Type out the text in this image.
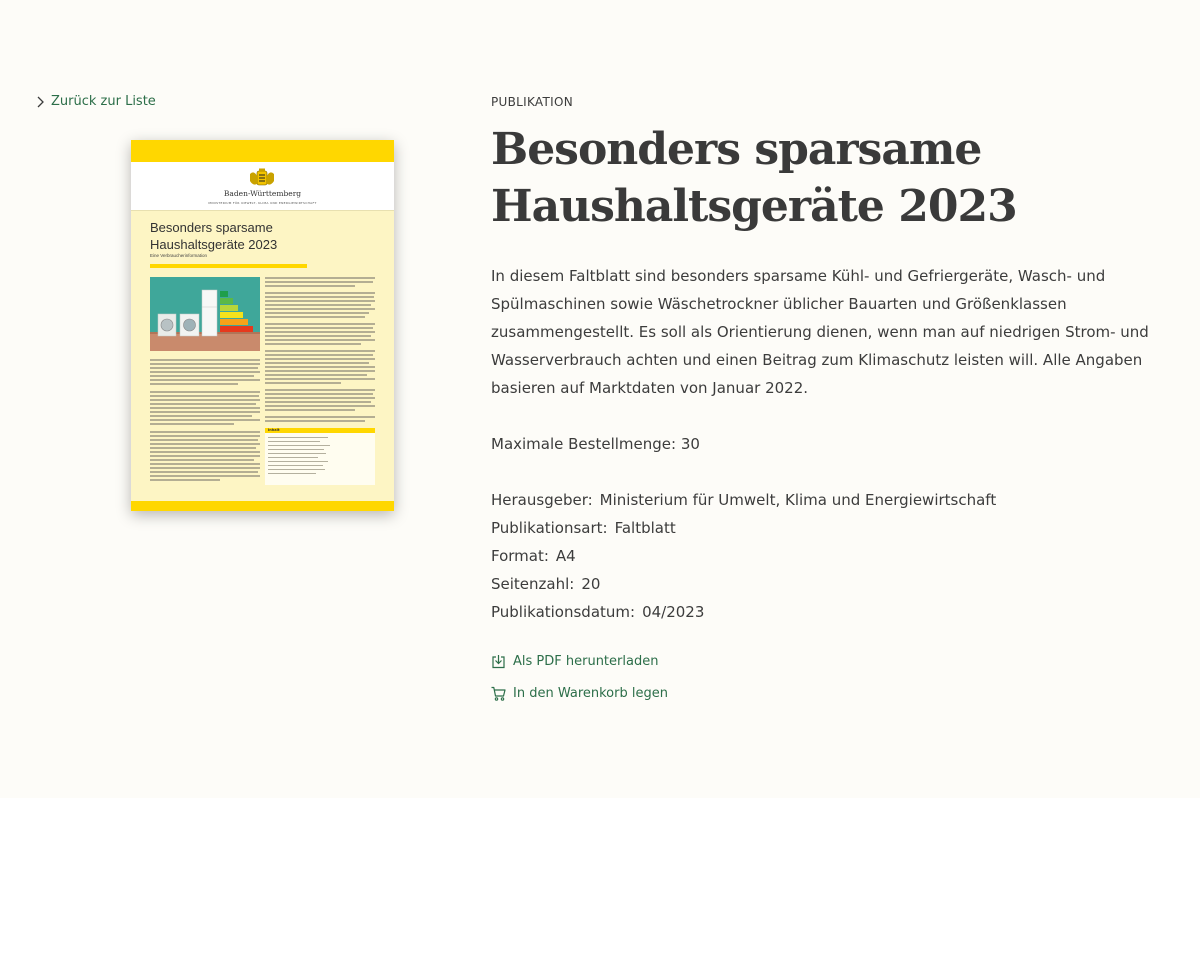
Zurück zur Liste
Baden-Württemberg
MINISTERIUM FÜR UMWELT, KLIMA UND ENERGIEWIRTSCHAFT
Besonders sparsame
Haushaltsgeräte 2023
Eine Verbraucherinformation
Inhalt
PUBLIKATION
Besonders sparsame
Haushaltsgeräte 2023

In diesem Faltblatt sind besonders sparsame Kühl- und Gefriergeräte, Wasch- und Spülmaschinen sowie Wäschetrockner üblicher Bauarten und Größenklassen zusammengestellt. Es soll als Orientierung dienen, wenn man auf niedrigen Strom- und Wasserverbrauch achten und einen Beitrag zum Klimaschutz leisten will. Alle Angaben basieren auf Marktdaten von Januar 2022.

Maximale Bestellmenge: 30
Herausgeber: Ministerium für Umwelt, Klima und Energiewirtschaft
Publikationsart: Faltblatt
Format: A4
Seitenzahl: 20
Publikationsdatum: 04/2023
Als PDF herunterladen
In den Warenkorb legen
